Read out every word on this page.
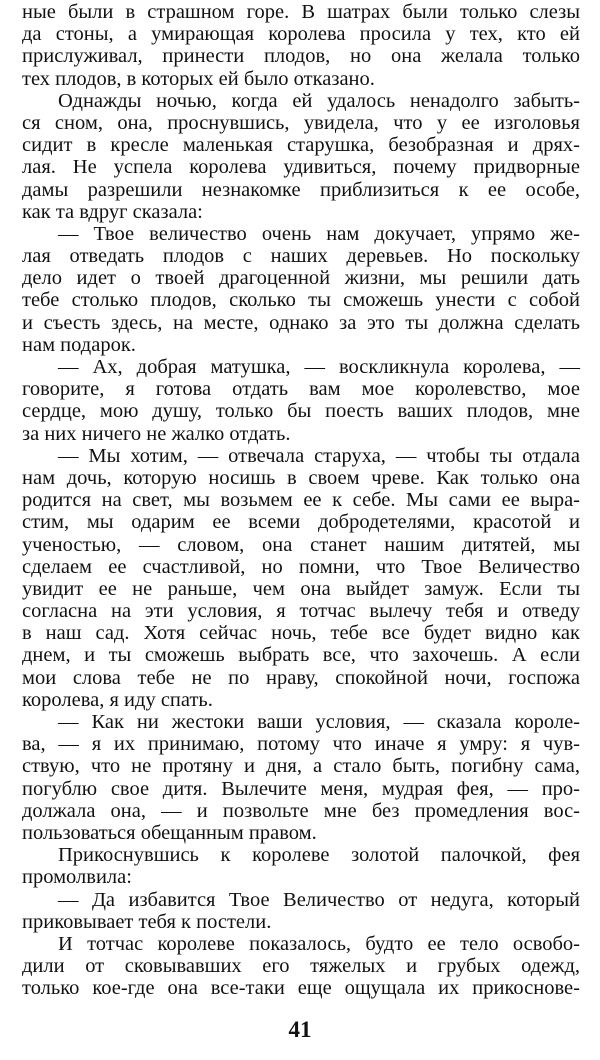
ные были в страшном горе. В шатрах были только слезы
да стоны, а умирающая королева просила у тех, кто ей
прислуживал, принести плодов, но она желала только
тех плодов, в которых ей было отказано.
Однажды ночью, когда ей удалось ненадолго забыть-
ся сном, она, проснувшись, увидела, что у ее изголовья
сидит в кресле маленькая старушка, безобразная и дрях-
лая. Не успела королева удивиться, почему придворные
дамы разрешили незнакомке приблизиться к ее особе,
как та вдруг сказала:
— Твое величество очень нам докучает, упрямо же-
лая отведать плодов с наших деревьев. Но поскольку
дело идет о твоей драгоценной жизни, мы решили дать
тебе столько плодов, сколько ты сможешь унести с собой
и съесть здесь, на месте, однако за это ты должна сделать
нам подарок.
— Ах, добрая матушка, — воскликнула королева, —
говорите, я готова отдать вам мое королевство, мое
сердце, мою душу, только бы поесть ваших плодов, мне
за них ничего не жалко отдать.
— Мы хотим, — отвечала старуха, — чтобы ты отдала
нам дочь, которую носишь в своем чреве. Как только она
родится на свет, мы возьмем ее к себе. Мы сами ее выра-
стим, мы одарим ее всеми добродетелями, красотой и
ученостью, — словом, она станет нашим дитятей, мы
сделаем ее счастливой, но помни, что Твое Величество
увидит ее не раньше, чем она выйдет замуж. Если ты
согласна на эти условия, я тотчас вылечу тебя и отведу
в наш сад. Хотя сейчас ночь, тебе все будет видно как
днем, и ты сможешь выбрать все, что захочешь. А если
мои слова тебе не по нраву, спокойной ночи, госпожа
королева, я иду спать.
— Как ни жестоки ваши условия, — сказала короле-
ва, — я их принимаю, потому что иначе я умру: я чув-
ствую, что не протяну и дня, а стало быть, погибну сама,
погублю свое дитя. Вылечите меня, мудрая фея, — про-
должала она, — и позвольте мне без промедления вос-
пользоваться обещанным правом.
Прикоснувшись к королеве золотой палочкой, фея
промолвила:
— Да избавится Твое Величество от недуга, который
приковывает тебя к постели.
И тотчас королеве показалось, будто ее тело освобо-
дили от сковывавших его тяжелых и грубых одежд,
только кое-где она все-таки еще ощущала их прикоснове-
41
